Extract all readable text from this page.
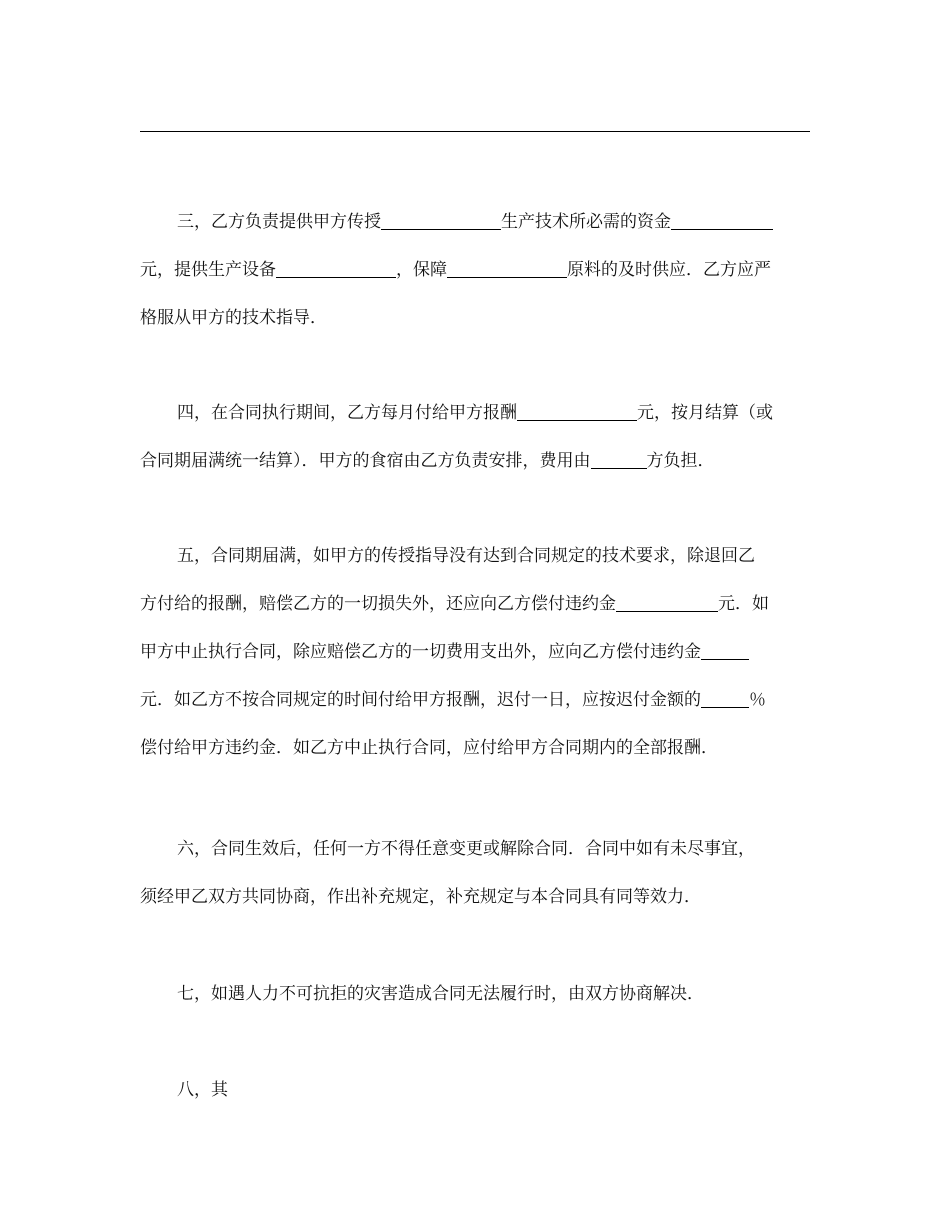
三，乙方负责提供甲方传授	生产技术所必需的资金
元，提供生产设备	，保障	原料的及时供应．乙方应严
格服从甲方的技术指导．
四，在合同执行期间，乙方每月付给甲方报酬	元，按月结算（或
合同期届满统一结算）．甲方的食宿由乙方负责安排，费用由	方负担．
五，合同期届满，如甲方的传授指导没有达到合同规定的技术要求，除退回乙
方付给的报酬，赔偿乙方的一切损失外，还应向乙方偿付违约金	元．如
甲方中止执行合同，除应赔偿乙方的一切费用支出外，应向乙方偿付违约金
元．如乙方不按合同规定的时间付给甲方报酬，迟付一日，应按迟付金额的	％
偿付给甲方违约金．如乙方中止执行合同，应付给甲方合同期内的全部报酬．
六，合同生效后，任何一方不得任意变更或解除合同．合同中如有未尽事宜，
须经甲乙双方共同协商，作出补充规定，补充规定与本合同具有同等效力．
七，如遇人力不可抗拒的灾害造成合同无法履行时，由双方协商解决．
八，其
